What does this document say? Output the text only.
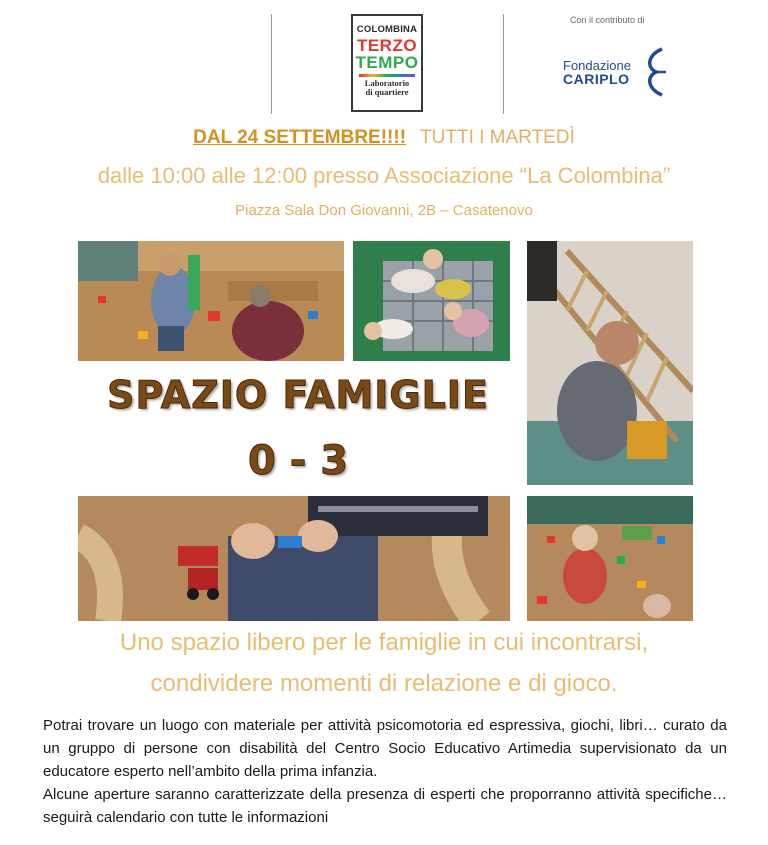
COLOMBINA
TERZO
TEMPO
Laboratorio
di quartiere
Con il contributo di
Fondazione
CARIPLO
DAL 24 SETTEMBRE!!!! TUTTI I MARTEDÌ
dalle 10:00 alle 12:00 presso Associazione “La Colombina”
Piazza Sala Don Giovanni, 2B – Casatenovo
SPAZIO FAMIGLIE
0 - 3
Uno spazio libero per le famiglie in cui incontrarsi,
condividere momenti di relazione e di gioco.

Potrai trovare un luogo con materiale per attività psicomotoria ed espressiva, giochi, libri… curato da un gruppo di persone con disabilità del Centro Socio Educativo Artimedia supervisionato da un educatore esperto nell’ambito della prima infanzia.

Alcune aperture saranno caratterizzate della presenza di esperti che proporranno attività specifiche… seguirà calendario con tutte le informazioni
